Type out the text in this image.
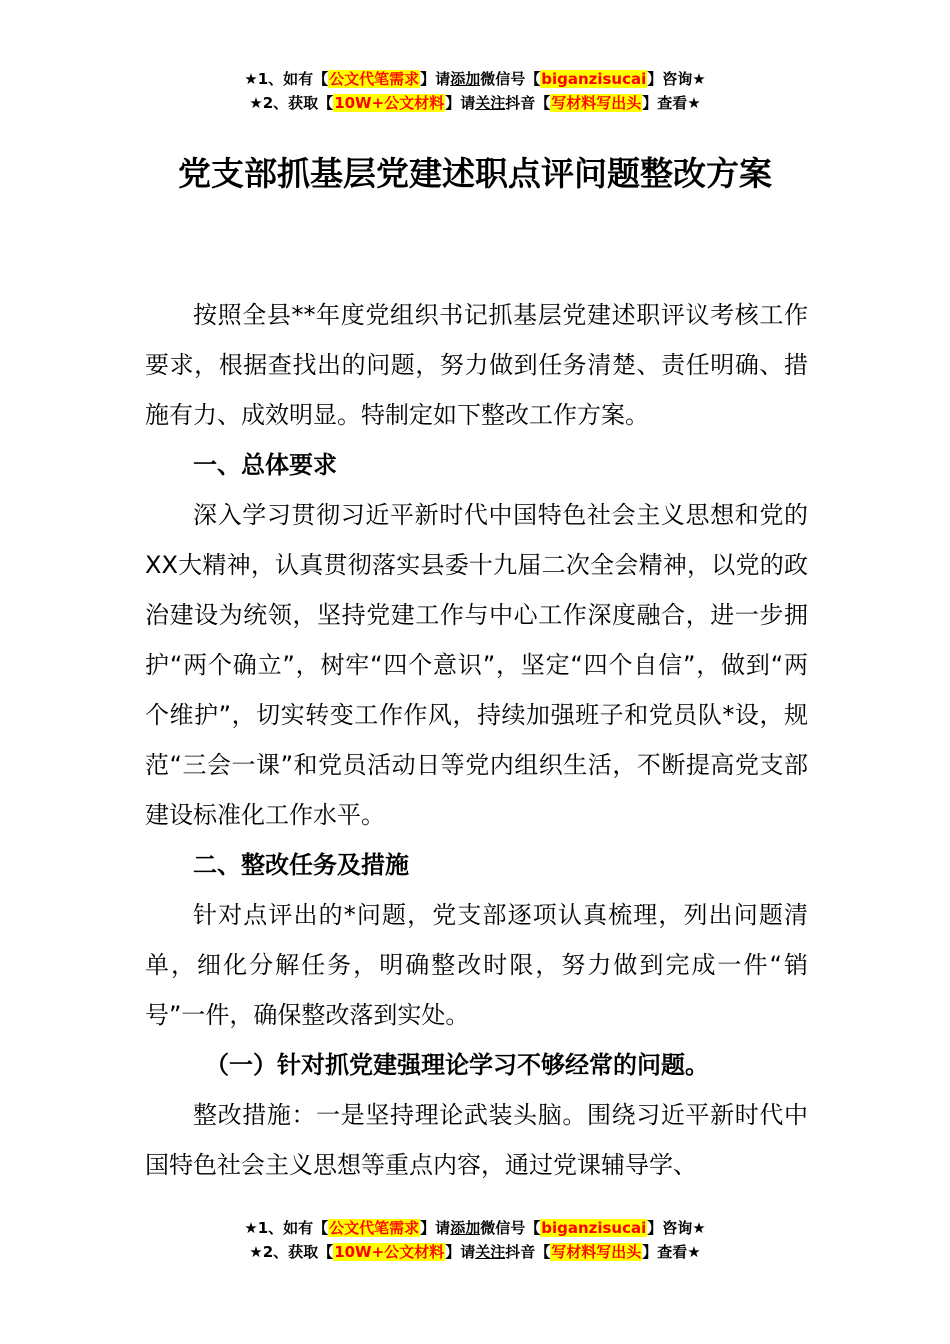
★1、如有【公文代笔需求】请添加微信号【biganzisucai】咨询★
★2、获取【10W+公文材料】请关注抖音【写材料写出头】查看★
党支部抓基层党建述职点评问题整改方案

按照全县**年度党组织书记抓基层党建述职评议考核工作要求，根据查找出的问题，努力做到任务清楚、责任明确、措施有力、成效明显。特制定如下整改工作方案。

一、总体要求

深入学习贯彻习近平新时代中国特色社会主义思想和党的XX大精神，认真贯彻落实县委十九届二次全会精神，以党的政治建设为统领，坚持党建工作与中心工作深度融合，进一步拥护“两个确立”，树牢“四个意识”，坚定“四个自信”，做到“两个维护”，切实转变工作作风，持续加强班子和党员队*设，规范“三会一课”和党员活动日等党内组织生活，不断提高党支部建设标准化工作水平。

二、整改任务及措施

针对点评出的*问题，党支部逐项认真梳理，列出问题清单，细化分解任务，明确整改时限，努力做到完成一件“销号”一件，确保整改落到实处。

（一）针对抓党建强理论学习不够经常的问题。

整改措施：一是坚持理论武装头脑。围绕习近平新时代中国特色社会主义思想等重点内容，通过党课辅导学、

★1、如有【公文代笔需求】请添加微信号【biganzisucai】咨询★
★2、获取【10W+公文材料】请关注抖音【写材料写出头】查看★
